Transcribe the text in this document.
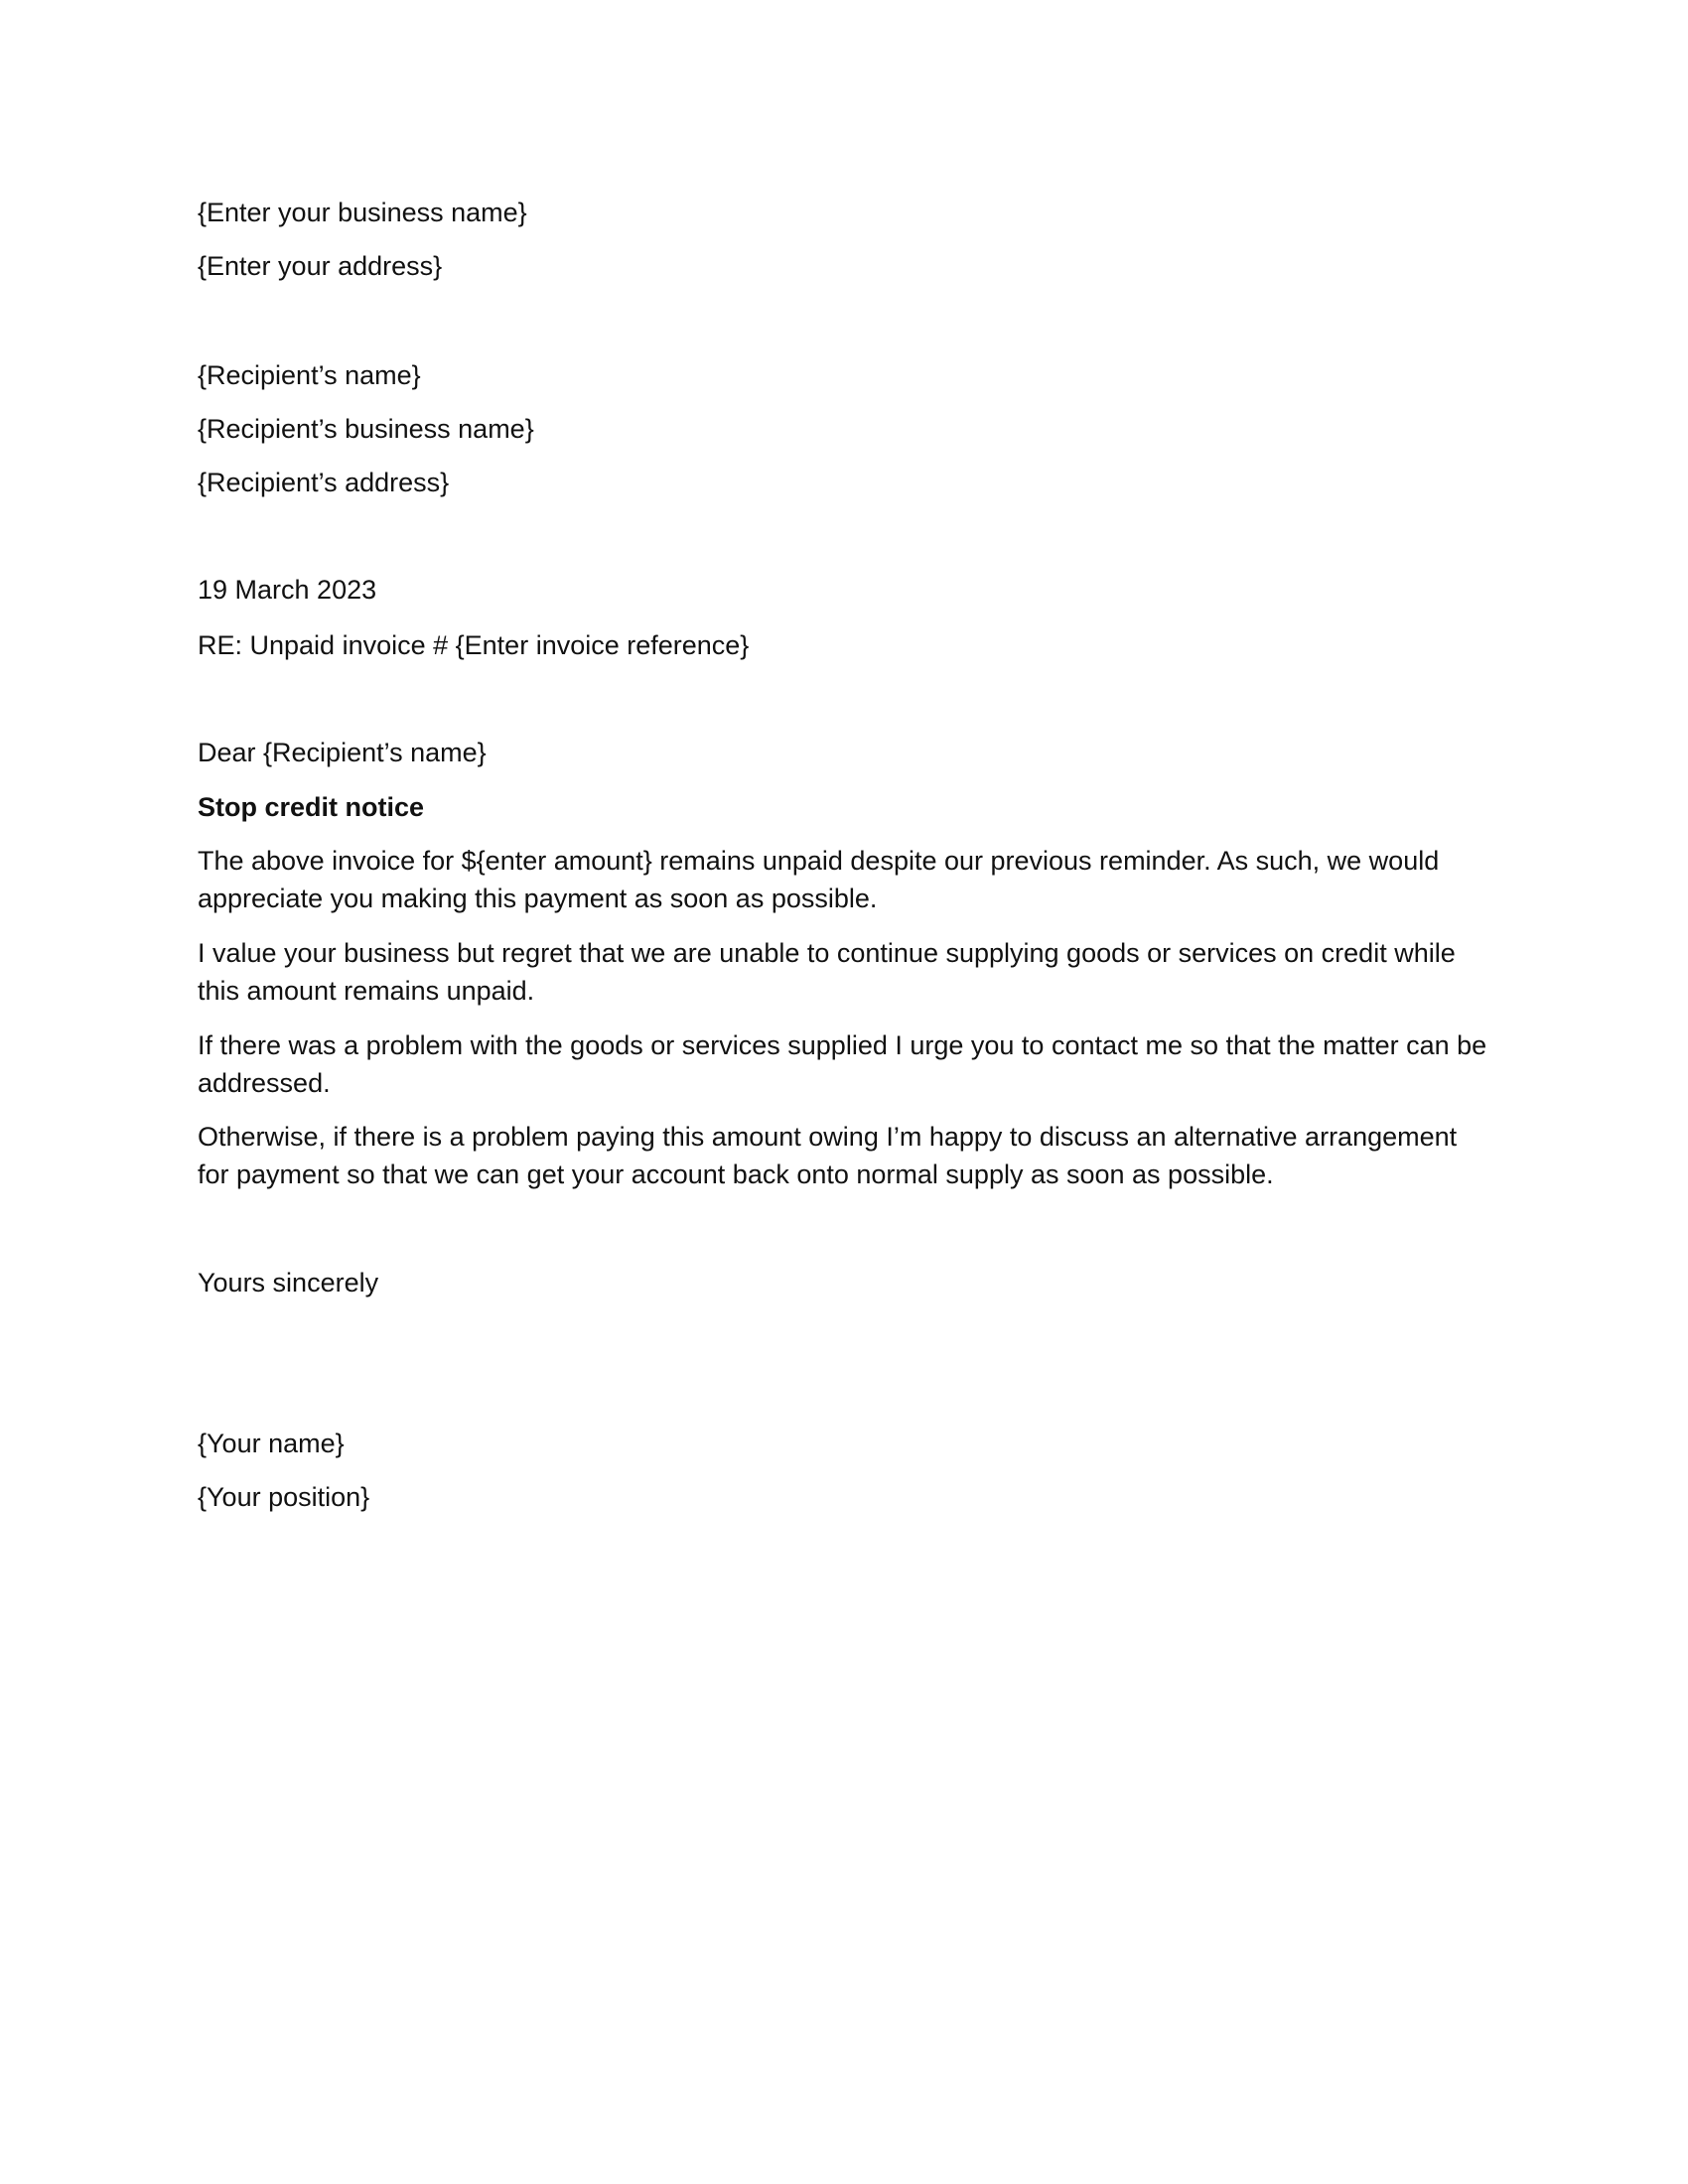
{Enter your business name}
{Enter your address}
{Recipient’s name}
{Recipient’s business name}
{Recipient’s address}
19 March 2023
RE: Unpaid invoice # {Enter invoice reference}
Dear {Recipient’s name}
Stop credit notice
The above invoice for ${enter amount} remains unpaid despite our previous reminder. As such, we would appreciate you making this payment as soon as possible.
I value your business but regret that we are unable to continue supplying goods or services on credit while this amount remains unpaid.
If there was a problem with the goods or services supplied I urge you to contact me so that the matter can be addressed.
Otherwise, if there is a problem paying this amount owing I’m happy to discuss an alternative arrangement for payment so that we can get your account back onto normal supply as soon as possible.
Yours sincerely
{Your name}
{Your position}
